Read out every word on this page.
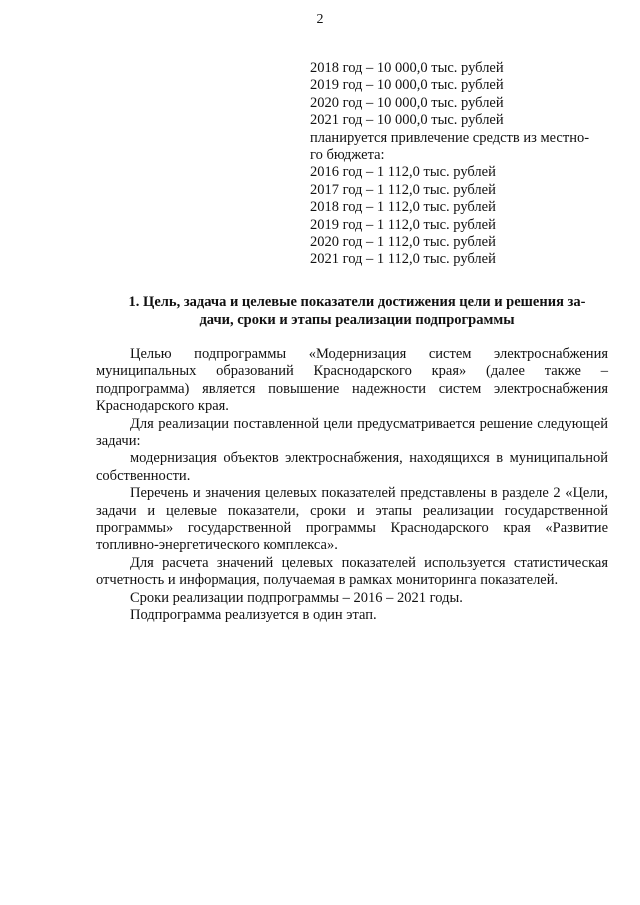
2
2018 год – 10 000,0 тыс. рублей
2019 год – 10 000,0 тыс. рублей
2020 год – 10 000,0 тыс. рублей
2021 год – 10 000,0 тыс. рублей
планируется привлечение средств из местно-
го бюджета:
2016 год – 1 112,0 тыс. рублей
2017 год – 1 112,0 тыс. рублей
2018 год – 1 112,0 тыс. рублей
2019 год – 1 112,0 тыс. рублей
2020 год – 1 112,0 тыс. рублей
2021 год – 1 112,0 тыс. рублей
1. Цель, задача и целевые показатели достижения цели и решения за-
дачи, сроки и этапы реализации подпрограммы

Целью подпрограммы «Модернизация систем электроснабжения муниципальных образований Краснодарского края» (далее также – подпрограмма) является повышение надежности систем электроснабжения Краснодарского края.

Для реализации поставленной цели предусматривается решение следующей задачи:

модернизация объектов электроснабжения, находящихся в муниципальной собственности.

Перечень и значения целевых показателей представлены в разделе 2 «Цели, задачи и целевые показатели, сроки и этапы реализации государственной программы» государственной программы Краснодарского края «Развитие топливно-энергетического комплекса».

Для расчета значений целевых показателей используется статистическая отчетность и информация, получаемая в рамках мониторинга показателей.

Сроки реализации подпрограммы – 2016 – 2021 годы.

Подпрограмма реализуется в один этап.
